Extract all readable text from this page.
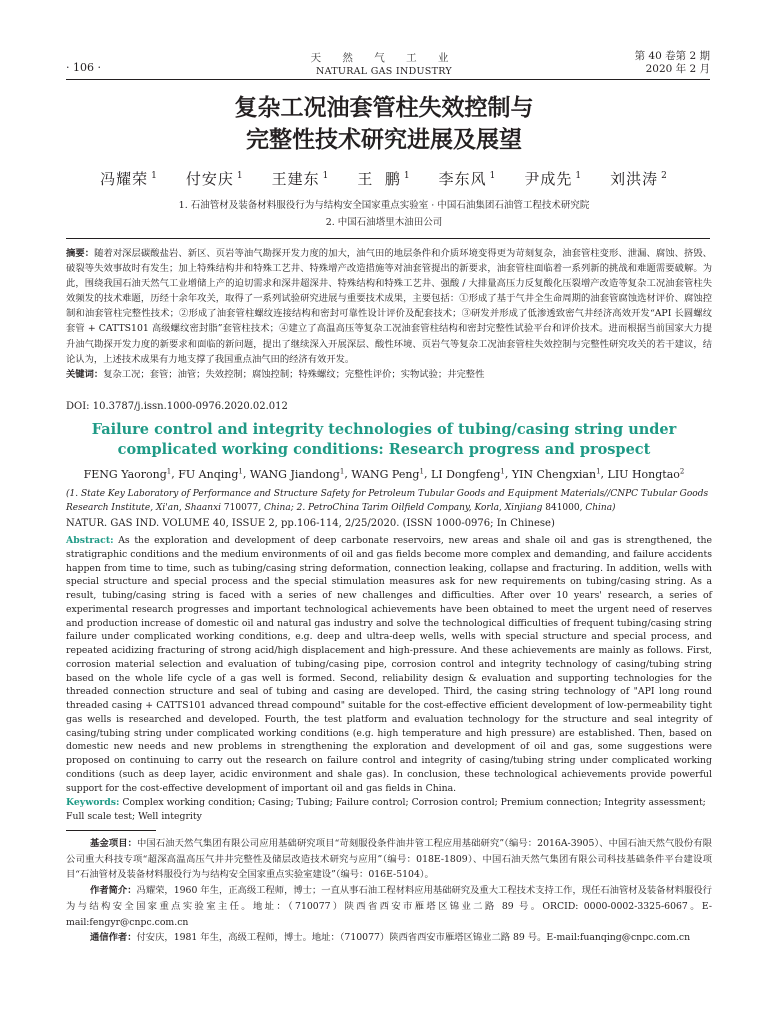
· 106 ·
天 然 气 工 业
NATURAL GAS INDUSTRY
第 40 卷第 2 期
2020 年 2 月
复杂工况油套管柱失效控制与
完整性技术研究进展及展望
冯耀荣 $^1$ 付安庆 $^1$ 王建东 $^1$ 王  鹏 $^1$ 李东风 $^1$ 尹成先 $^1$ 刘洪涛 $^2$
1. 石油管材及装备材料服役行为与结构安全国家重点实验室 · 中国石油集团石油管工程技术研究院
2. 中国石油塔里木油田公司
摘要：随着对深层碳酸盐岩、新区、页岩等油气勘探开发力度的加大，油气田的地层条件和介质环境变得更为苛刻复杂，油套管柱变形、泄漏、腐蚀、挤毁、破裂等失效事故时有发生；加上特殊结构井和特殊工艺井、特殊增产改造措施等对油套管提出的新要求，油套管柱面临着一系列新的挑战和难题需要破解。为此，围绕我国石油天然气工业增储上产的迫切需求和深井超深井、特殊结构和特殊工艺井、强酸 / 大排量高压力反复酸化压裂增产改造等复杂工况油套管柱失效频发的技术难题，历经十余年攻关，取得了一系列试验研究进展与重要技术成果，主要包括：①形成了基于气井全生命周期的油套管腐蚀选材评价、腐蚀控制和油套管柱完整性技术；②形成了油套管柱螺纹连接结构和密封可靠性设计评价及配套技术；③研发并形成了低渗透致密气井经济高效开发“API 长圆螺纹套管 + CATTS101 高级螺纹密封脂”套管柱技术；④建立了高温高压等复杂工况油套管柱结构和密封完整性试验平台和评价技术。进而根据当前国家大力提升油气勘探开发力度的新要求和面临的新问题，提出了继续深入开展深层、酸性环境、页岩气等复杂工况油套管柱失效控制与完整性研究攻关的若干建议，结论认为，上述技术成果有力地支撑了我国重点油气田的经济有效开发。
关键词：复杂工况；套管；油管；失效控制；腐蚀控制；特殊螺纹；完整性评价；实物试验；井完整性
DOI: 10.3787/j.issn.1000-0976.2020.02.012
Failure control and integrity technologies of tubing/casing string under
complicated working conditions: Research progress and prospect
FENG Yaorong$^1$, FU Anqing$^1$, WANG Jiandong$^1$, WANG Peng$^1$, LI Dongfeng$^1$, YIN Chengxian$^1$, LIU Hongtao$^2$
(1. State Key Laboratory of Performance and Structure Safety for Petroleum Tubular Goods and Equipment Materials//CNPC Tubular Goods Research Institute, Xi'an, Shaanxi 710077, China; 2. PetroChina Tarim Oilfield Company, Korla, Xinjiang 841000, China)
NATUR. GAS IND. VOLUME 40, ISSUE 2, pp.106-114, 2/25/2020. (ISSN 1000-0976; In Chinese)
Abstract: As the exploration and development of deep carbonate reservoirs, new areas and shale oil and gas is strengthened, the stratigraphic conditions and the medium environments of oil and gas fields become more complex and demanding, and failure accidents happen from time to time, such as tubing/casing string deformation, connection leaking, collapse and fracturing. In addition, wells with special structure and special process and the special stimulation measures ask for new requirements on tubing/casing string. As a result, tubing/casing string is faced with a series of new challenges and difficulties. After over 10 years' research, a series of experimental research progresses and important technological achievements have been obtained to meet the urgent need of reserves and production increase of domestic oil and natural gas industry and solve the technological difficulties of frequent tubing/casing string failure under complicated working conditions, e.g. deep and ultra-deep wells, wells with special structure and special process, and repeated acidizing fracturing of strong acid/high displacement and high-pressure. And these achievements are mainly as follows. First, corrosion material selection and evaluation of tubing/casing pipe, corrosion control and integrity technology of casing/tubing string based on the whole life cycle of a gas well is formed. Second, reliability design & evaluation and supporting technologies for the threaded connection structure and seal of tubing and casing are developed. Third, the casing string technology of "API long round threaded casing + CATTS101 advanced thread compound" suitable for the cost-effective efficient development of low-permeability tight gas wells is researched and developed. Fourth, the test platform and evaluation technology for the structure and seal integrity of casing/tubing string under complicated working conditions (e.g. high temperature and high pressure) are established. Then, based on domestic new needs and new problems in strengthening the exploration and development of oil and gas, some suggestions were proposed on continuing to carry out the research on failure control and integrity of casing/tubing string under complicated working conditions (such as deep layer, acidic environment and shale gas). In conclusion, these technological achievements provide powerful support for the cost-effective development of important oil and gas fields in China.
Keywords: Complex working condition; Casing; Tubing; Failure control; Corrosion control; Premium connection; Integrity assessment; Full scale test; Well integrity

基金项目：中国石油天然气集团有限公司应用基础研究项目“苛刻服役条件油井管工程应用基础研究”（编号：2016A-3905）、中国石油天然气股份有限公司重大科技专项“超深高温高压气井井完整性及储层改造技术研究与应用”（编号：018E-1809）、中国石油天然气集团有限公司科技基础条件平台建设项目“石油管材及装备材料服役行为与结构安全国家重点实验室建设”（编号：016E-5104）。

作者简介：冯耀荣，1960 年生，正高级工程师，博士；一直从事石油工程材料应用基础研究及重大工程技术支持工作，现任石油管材及装备材料服役行为与结构安全国家重点实验室主任。地址：（710077）陕西省西安市雁塔区锦业二路 89 号。ORCID: 0000-0002-3325-6067。E-mail:fengyr@cnpc.com.cn

通信作者：付安庆，1981 年生，高级工程师，博士。地址：（710077）陕西省西安市雁塔区锦业二路 89 号。E-mail:fuanqing@cnpc.com.cn
